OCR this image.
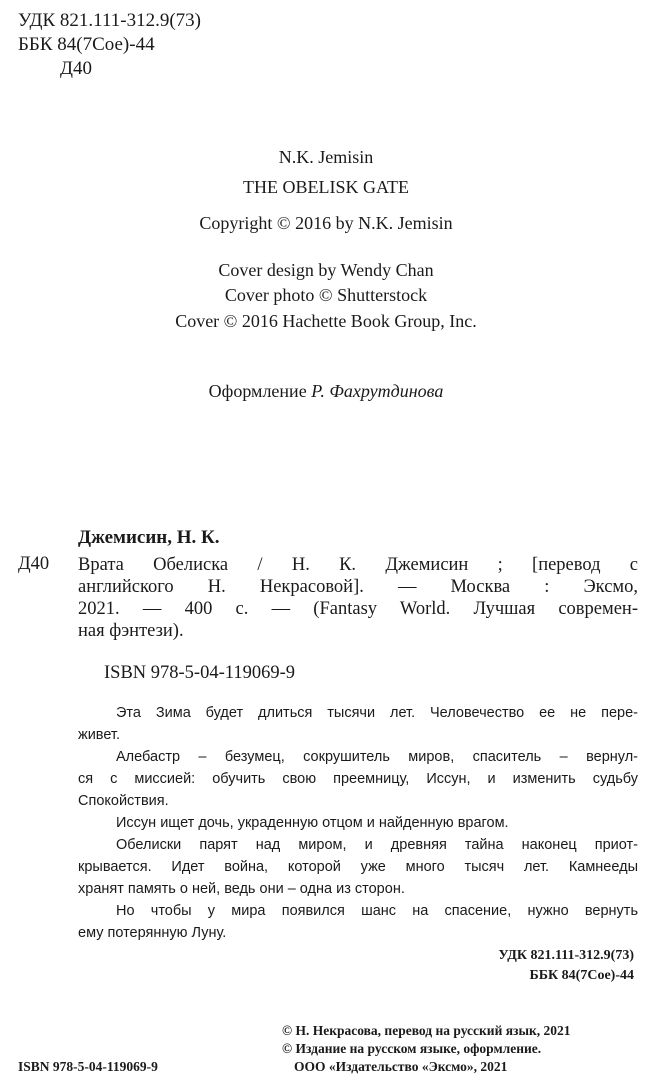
УДК 821.111-312.9(73)
ББК 84(7Сое)-44
Д40
N.K. Jemisin
THE OBELISK GATE
Copyright © 2016 by N.K. Jemisin
Cover design by Wendy Chan
Cover photo © Shutterstock
Cover © 2016 Hachette Book Group, Inc.
Оформление Р. Фахрутдинова
Джемисин, Н. К.
Д40 Врата Обелиска / Н. К. Джемисин ; [перевод с
английского Н. Некрасовой]. — Москва : Эксмо,
2021. — 400 с. — (Fantasy World. Лучшая современ-
ная фэнтези).
ISBN 978-5-04-119069-9
Эта Зима будет длиться тысячи лет. Человечество ее не пере-
живет.
Алебастр – безумец, сокрушитель миров, спаситель – вернул-
ся с миссией: обучить свою преемницу, Иссун, и изменить судьбу
Спокойствия.
Иссун ищет дочь, украденную отцом и найденную врагом.
Обелиски парят над миром, и древняя тайна наконец приот-
крывается. Идет война, которой уже много тысяч лет. Камнееды
хранят память о ней, ведь они – одна из сторон.
Но чтобы у мира появился шанс на спасение, нужно вернуть
ему потерянную Луну.
УДК 821.111-312.9(73)
ББК 84(7Сое)-44
ISBN 978-5-04-119069-9
© Н. Некрасова, перевод на русский язык, 2021
© Издание на русском языке, оформление.
ООО «Издательство «Эксмо», 2021
